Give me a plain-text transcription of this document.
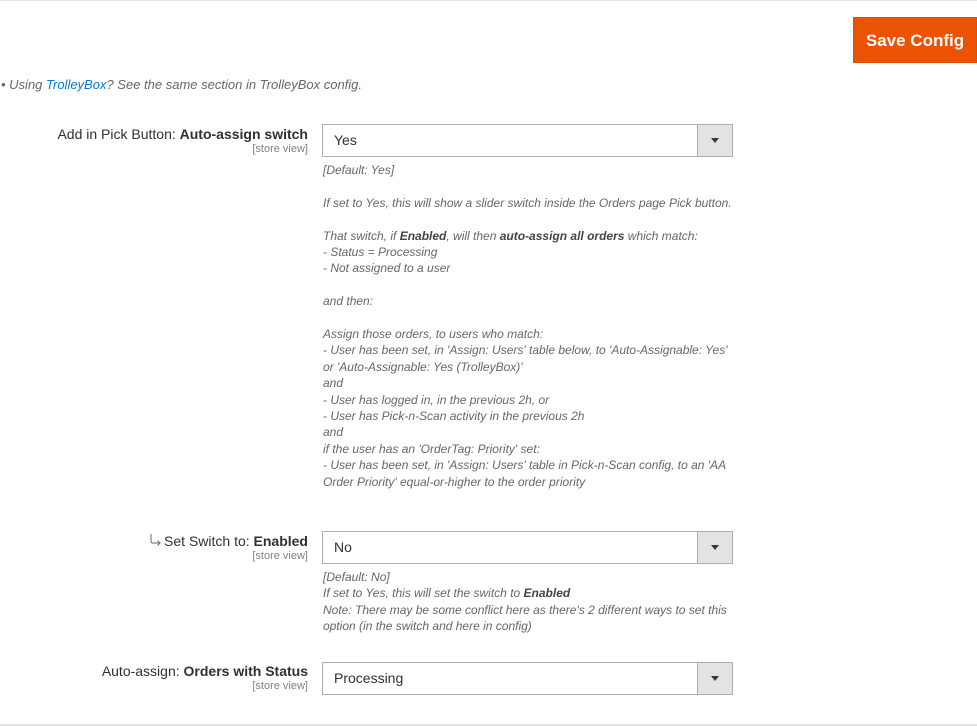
Save Config
• Using TrolleyBox? See the same section in TrolleyBox config.
Add in Pick Button: Auto-assign switch
[store view]
Yes

[Default: Yes]

If set to Yes, this will show a slider switch inside the Orders page Pick button.

That switch, if Enabled, will then auto-assign all orders which match:

- Status = Processing

- Not assigned to a user

and then:

Assign those orders, to users who match:

- User has been set, in 'Assign: Users' table below, to 'Auto-Assignable: Yes' or 'Auto-Assignable: Yes (TrolleyBox)'

and

- User has logged in, in the previous 2h, or

- User has Pick-n-Scan activity in the previous 2h

and

if the user has an 'OrderTag: Priority' set:

- User has been set, in 'Assign: Users' table in Pick-n-Scan config, to an 'AA Order Priority' equal-or-higher to the order priority

Set Switch to: Enabled
[store view]
No

[Default: No]

If set to Yes, this will set the switch to Enabled

Note: There may be some conflict here as there's 2 different ways to set this option (in the switch and here in config)

Auto-assign: Orders with Status
[store view] Processing
